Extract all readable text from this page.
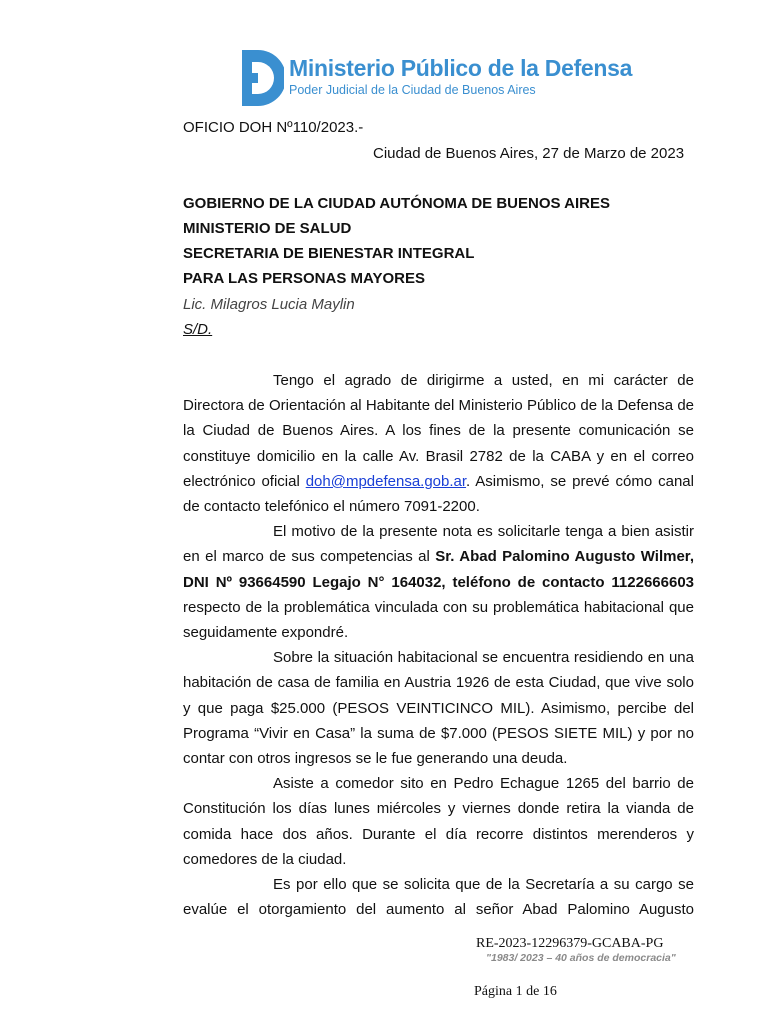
Ministerio Público de la Defensa
Poder Judicial de la Ciudad de Buenos Aires
OFICIO DOH Nº110/2023.-
Ciudad de Buenos Aires, 27 de Marzo de 2023
GOBIERNO DE LA CIUDAD AUTÓNOMA DE BUENOS AIRES
MINISTERIO DE SALUD
SECRETARIA DE BIENESTAR INTEGRAL
PARA LAS PERSONAS MAYORES
Lic. Milagros Lucia Maylin
S/D.

Tengo el agrado de dirigirme a usted, en mi carácter de Directora de Orientación al Habitante del Ministerio Público de la Defensa de la Ciudad de Buenos Aires. A los fines de la presente comunicación se constituye domicilio en la calle Av. Brasil 2782 de la CABA y en el correo electrónico oficial doh@mpdefensa.gob.ar. Asimismo, se prevé cómo canal de contacto telefónico el número 7091-2200.

El motivo de la presente nota es solicitarle tenga a bien asistir en el marco de sus competencias al Sr. Abad Palomino Augusto Wilmer, DNI Nº 93664590 Legajo N° 164032, teléfono de contacto 1122666603 respecto de la problemática vinculada con su problemática habitacional que seguidamente expondré.

Sobre la situación habitacional se encuentra residiendo en una habitación de casa de familia en Austria 1926 de esta Ciudad, que vive solo y que paga $25.000 (PESOS VEINTICINCO MIL). Asimismo, percibe del Programa “Vivir en Casa” la suma de $7.000 (PESOS SIETE MIL) y por no contar con otros ingresos se le fue generando una deuda.

Asiste a comedor sito en Pedro Echague 1265 del barrio de Constitución los días lunes miércoles y viernes donde retira la vianda de comida hace dos años. Durante el día recorre distintos merenderos y comedores de la ciudad.

Es por ello que se solicita que de la Secretaría a su cargo se evalúe el otorgamiento del aumento al señor Abad Palomino Augusto

RE-2023-12296379-GCABA-PG
"1983/ 2023 – 40 años de democracia"
Página 1 de 16
